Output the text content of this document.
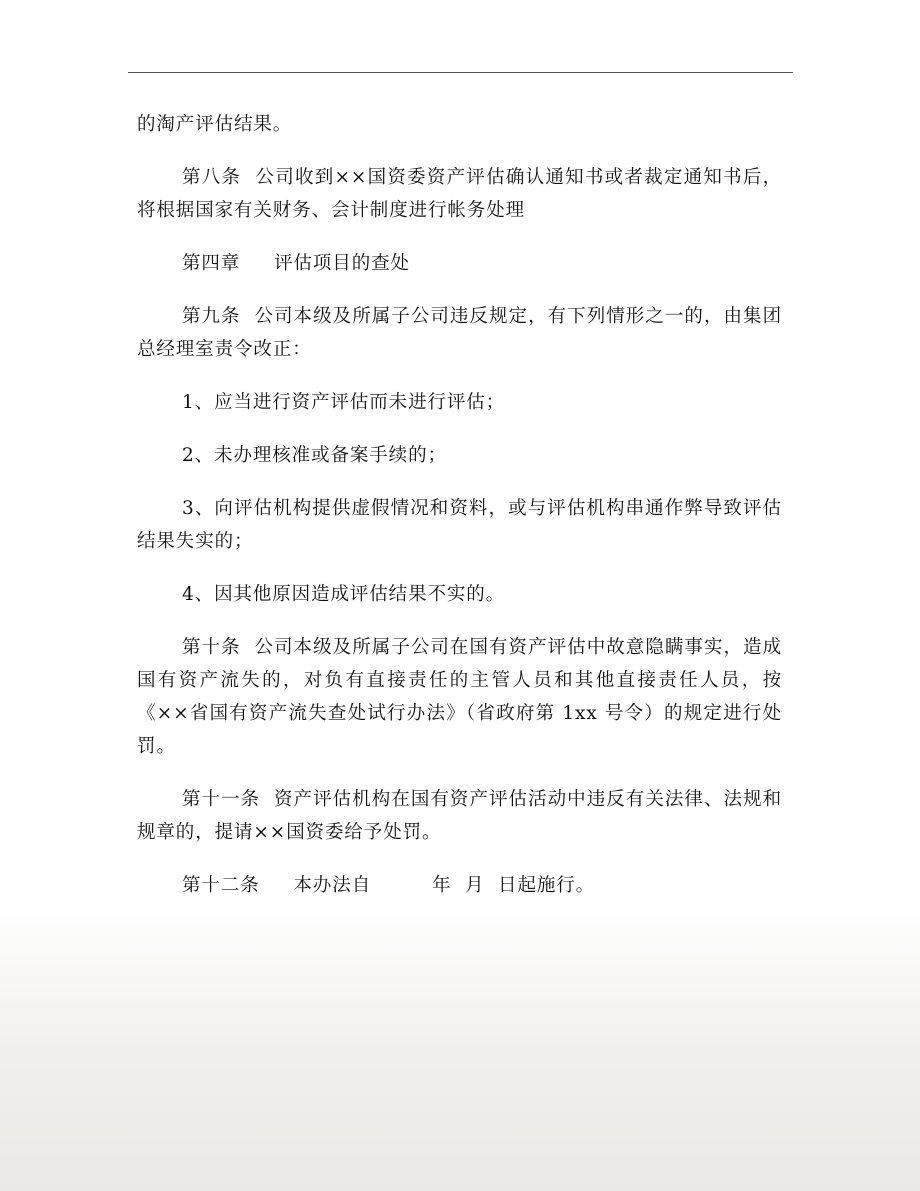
的淘产评估结果。

第八条  公司收到××国资委资产评估确认通知书或者裁定通知书后，将根据国家有关财务、会计制度进行帐务处理

第四章     评估项目的查处

第九条  公司本级及所属子公司违反规定，有下列情形之一的，由集团总经理室责令改正：

1、应当进行资产评估而未进行评估；

2、未办理核准或备案手续的；

3、向评估机构提供虚假情况和资料，或与评估机构串通作弊导致评估结果失实的；

4、因其他原因造成评估结果不实的。

第十条  公司本级及所属子公司在国有资产评估中故意隐瞒事实，造成国有资产流失的，对负有直接责任的主管人员和其他直接责任人员，按《××省国有资产流失查处试行办法》（省政府第 1xx 号令）的规定进行处罚。

第十一条  资产评估机构在国有资产评估活动中违反有关法律、法规和规章的，提请××国资委给予处罚。

第十二条     本办法自         年  月  日起施行。
